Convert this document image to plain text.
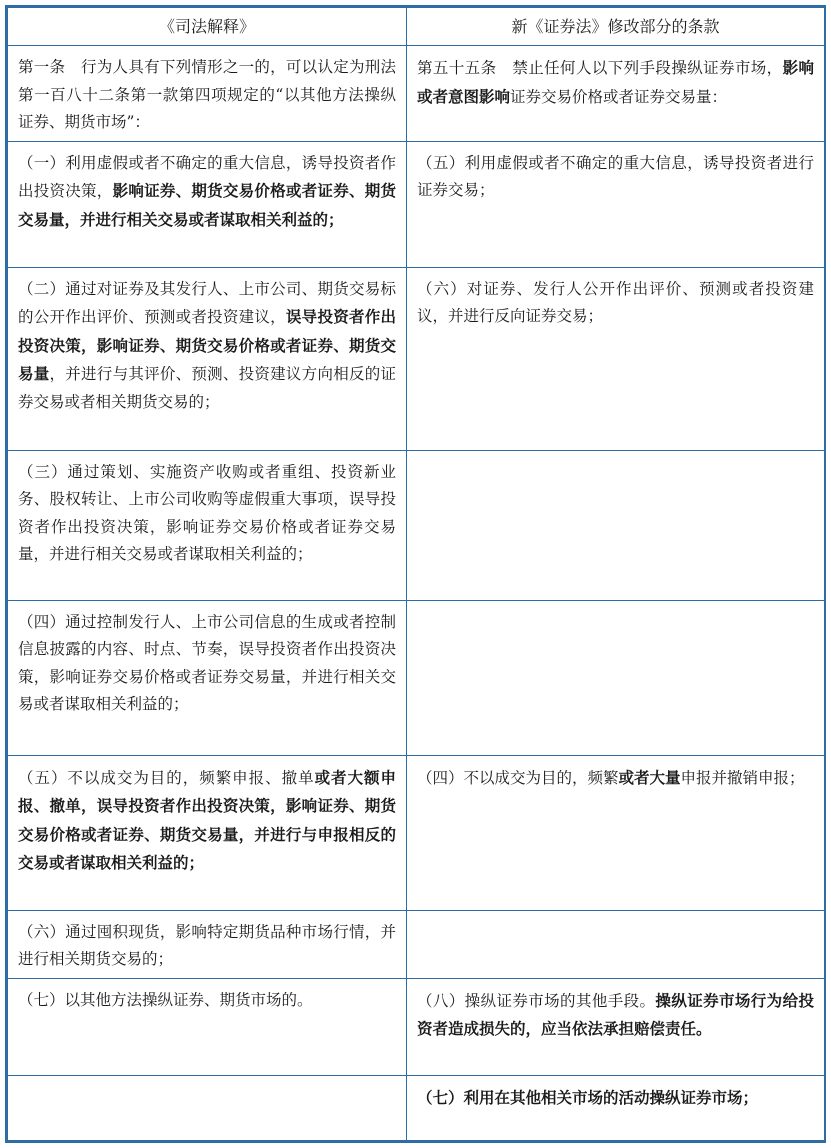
《司法解释》	新《证券法》修改部分的条款
第一条　行为人具有下列情形之一的，可以认定为刑法第一百八十二条第一款第四项规定的“以其他方法操纵证券、期货市场”：	第五十五条　禁止任何人以下列手段操纵证券市场，影响或者意图影响证券交易价格或者证券交易量：
（一）利用虚假或者不确定的重大信息，诱导投资者作出投资决策，影响证券、期货交易价格或者证券、期货交易量，并进行相关交易或者谋取相关利益的；	（五）利用虚假或者不确定的重大信息，诱导投资者进行证券交易；
（二）通过对证券及其发行人、上市公司、期货交易标的公开作出评价、预测或者投资建议，误导投资者作出投资决策，影响证券、期货交易价格或者证券、期货交易量，并进行与其评价、预测、投资建议方向相反的证券交易或者相关期货交易的；	（六）对证券、发行人公开作出评价、预测或者投资建议，并进行反向证券交易；
（三）通过策划、实施资产收购或者重组、投资新业务、股权转让、上市公司收购等虚假重大事项，误导投资者作出投资决策，影响证券交易价格或者证券交易量，并进行相关交易或者谋取相关利益的；	
（四）通过控制发行人、上市公司信息的生成或者控制信息披露的内容、时点、节奏，误导投资者作出投资决策，影响证券交易价格或者证券交易量，并进行相关交易或者谋取相关利益的；	
（五）不以成交为目的，频繁申报、撤单或者大额申报、撤单，误导投资者作出投资决策，影响证券、期货交易价格或者证券、期货交易量，并进行与申报相反的交易或者谋取相关利益的；	（四）不以成交为目的，频繁或者大量申报并撤销申报；
（六）通过囤积现货，影响特定期货品种市场行情，并进行相关期货交易的；	
（七）以其他方法操纵证券、期货市场的。	（八）操纵证券市场的其他手段。操纵证券市场行为给投资者造成损失的，应当依法承担赔偿责任。
	（七）利用在其他相关市场的活动操纵证券市场；
